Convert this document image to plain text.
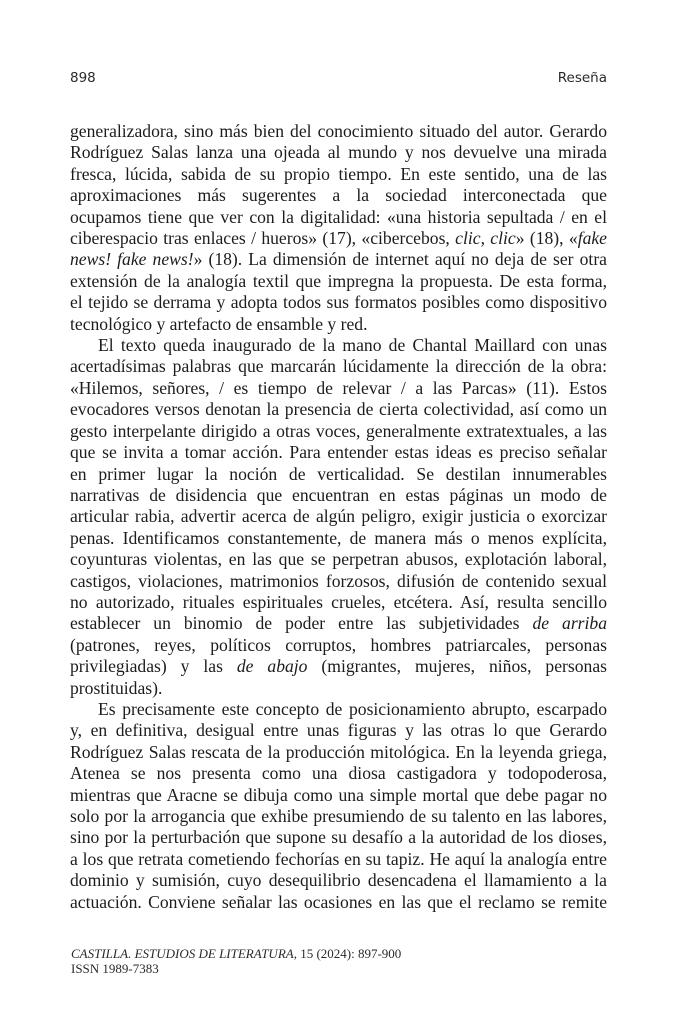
898	Reseña

generalizadora, sino más bien del conocimiento situado del autor. Gerardo
Rodríguez Salas lanza una ojeada al mundo y nos devuelve una mirada
fresca, lúcida, sabida de su propio tiempo. En este sentido, una de las
aproximaciones más sugerentes a la sociedad interconectada que
ocupamos tiene que ver con la digitalidad: «una historia sepultada / en el
ciberespacio tras enlaces / hueros» (17), «cibercebos, clic, clic» (18), «fake
news! fake news!» (18). La dimensión de internet aquí no deja de ser otra
extensión de la analogía textil que impregna la propuesta. De esta forma,
el tejido se derrama y adopta todos sus formatos posibles como dispositivo
tecnológico y artefacto de ensamble y red.

El texto queda inaugurado de la mano de Chantal Maillard con unas
acertadísimas palabras que marcarán lúcidamente la dirección de la obra:
«Hilemos, señores, / es tiempo de relevar / a las Parcas» (11). Estos
evocadores versos denotan la presencia de cierta colectividad, así como un
gesto interpelante dirigido a otras voces, generalmente extratextuales, a las
que se invita a tomar acción. Para entender estas ideas es preciso señalar
en primer lugar la noción de verticalidad. Se destilan innumerables
narrativas de disidencia que encuentran en estas páginas un modo de
articular rabia, advertir acerca de algún peligro, exigir justicia o exorcizar
penas. Identificamos constantemente, de manera más o menos explícita,
coyunturas violentas, en las que se perpetran abusos, explotación laboral,
castigos, violaciones, matrimonios forzosos, difusión de contenido sexual
no autorizado, rituales espirituales crueles, etcétera. Así, resulta sencillo
establecer un binomio de poder entre las subjetividades de arriba
(patrones, reyes, políticos corruptos, hombres patriarcales, personas
privilegiadas) y las de abajo (migrantes, mujeres, niños, personas
prostituidas).

Es precisamente este concepto de posicionamiento abrupto, escarpado
y, en definitiva, desigual entre unas figuras y las otras lo que Gerardo
Rodríguez Salas rescata de la producción mitológica. En la leyenda griega,
Atenea se nos presenta como una diosa castigadora y todopoderosa,
mientras que Aracne se dibuja como una simple mortal que debe pagar no
solo por la arrogancia que exhibe presumiendo de su talento en las labores,
sino por la perturbación que supone su desafío a la autoridad de los dioses,
a los que retrata cometiendo fechorías en su tapiz. He aquí la analogía entre
dominio y sumisión, cuyo desequilibrio desencadena el llamamiento a la
actuación. Conviene señalar las ocasiones en las que el reclamo se remite

CASTILLA. ESTUDIOS DE LITERATURA, 15 (2024): 897-900
ISSN 1989-7383
